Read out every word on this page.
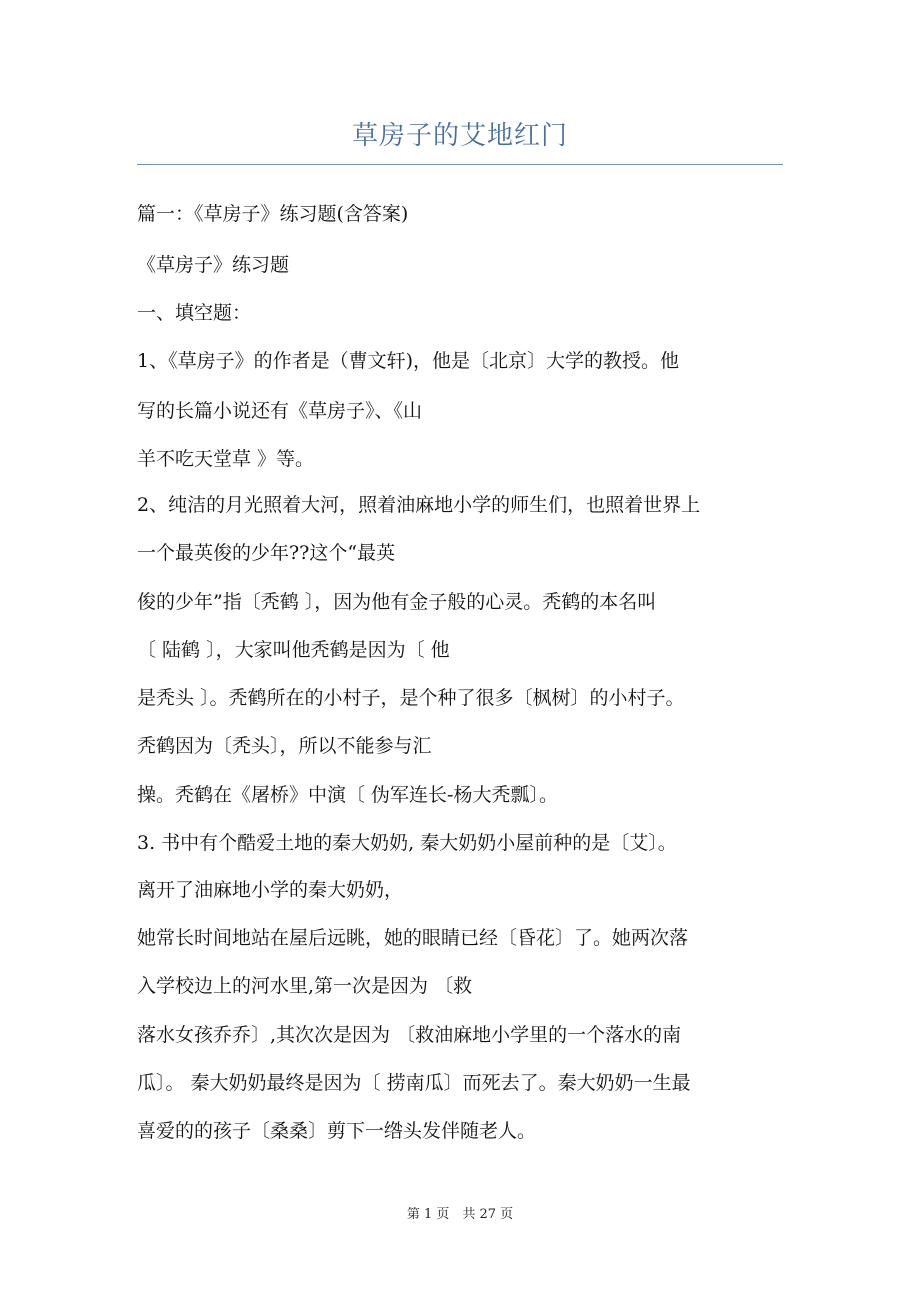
草房子的艾地红门
篇一：《草房子》练习题(含答案)
《草房子》练习题
一、填空题：
1、《草房子》的作者是（曹文轩)，他是〔北京〕大学的教授。他
写的长篇小说还有《草房子》、《山
羊不吃天堂草 》等。
2、纯洁的月光照着大河，照着油麻地小学的师生们，也照着世界上
一个最英俊的少年??这个“最英
俊的少年”指〔秃鹤 〕，因为他有金子般的心灵。秃鹤的本名叫
〔 陆鹤 〕，大家叫他秃鹤是因为〔 他
是秃头 〕。秃鹤所在的小村子，是个种了很多〔枫树〕的小村子。
秃鹤因为〔秃头〕，所以不能参与汇
操。秃鹤在《屠桥》中演〔 伪军连长-杨大秃瓢〕。
3. 书中有个酷爱土地的秦大奶奶, 秦大奶奶小屋前种的是〔艾〕。
离开了油麻地小学的秦大奶奶，
她常长时间地站在屋后远眺，她的眼睛已经〔昏花〕了。她两次落
入学校边上的河水里,第一次是因为 〔救
落水女孩乔乔〕,其次次是因为 〔救油麻地小学里的一个落水的南
瓜〕。 秦大奶奶最终是因为〔 捞南瓜〕而死去了。秦大奶奶一生最
喜爱的的孩子〔桑桑〕剪下一绺头发伴随老人。
第 1 页　共 27 页
